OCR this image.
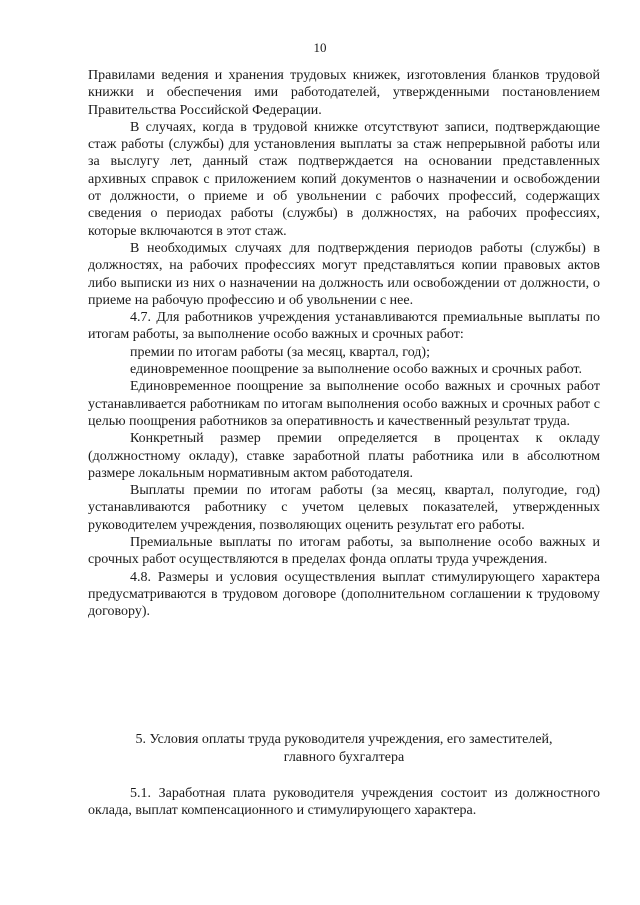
10

Правилами ведения и хранения трудовых книжек, изготовления бланков трудовой книжки и обеспечения ими работодателей, утвержденными постановлением Правительства Российской Федерации.

В случаях, когда в трудовой книжке отсутствуют записи, подтверждающие стаж работы (службы) для установления выплаты за стаж непрерывной работы или за выслугу лет, данный стаж подтверждается на основании представленных архивных справок с приложением копий документов о назначении и освобождении от должности, о приеме и об увольнении с рабочих профессий, содержащих сведения о периодах работы (службы) в должностях, на рабочих профессиях, которые включаются в этот стаж.

В необходимых случаях для подтверждения периодов работы (службы) в должностях, на рабочих профессиях могут представляться копии правовых актов либо выписки из них о назначении на должность или освобождении от должности, о приеме на рабочую профессию и об увольнении с нее.

4.7. Для работников учреждения устанавливаются премиальные выплаты по итогам работы, за выполнение особо важных и срочных работ:

премии по итогам работы (за месяц, квартал, год);

единовременное поощрение за выполнение особо важных и срочных работ.

Единовременное поощрение за выполнение особо важных и срочных работ устанавливается работникам по итогам выполнения особо важных и срочных работ с целью поощрения работников за оперативность и качественный результат труда.

Конкретный размер премии определяется в процентах к окладу (должностному окладу), ставке заработной платы работника или в абсолютном размере локальным нормативным актом работодателя.

Выплаты премии по итогам работы (за месяц, квартал, полугодие, год) устанавливаются работнику с учетом целевых показателей, утвержденных руководителем учреждения, позволяющих оценить результат его работы.

Премиальные выплаты по итогам работы, за выполнение особо важных и срочных работ осуществляются в пределах фонда оплаты труда учреждения.

4.8. Размеры и условия осуществления выплат стимулирующего характера предусматриваются в трудовом договоре (дополнительном соглашении к трудовому договору).

5. Условия оплаты труда руководителя учреждения, его заместителей,
главного бухгалтера

5.1. Заработная плата руководителя учреждения состоит из должностного оклада, выплат компенсационного и стимулирующего характера.
